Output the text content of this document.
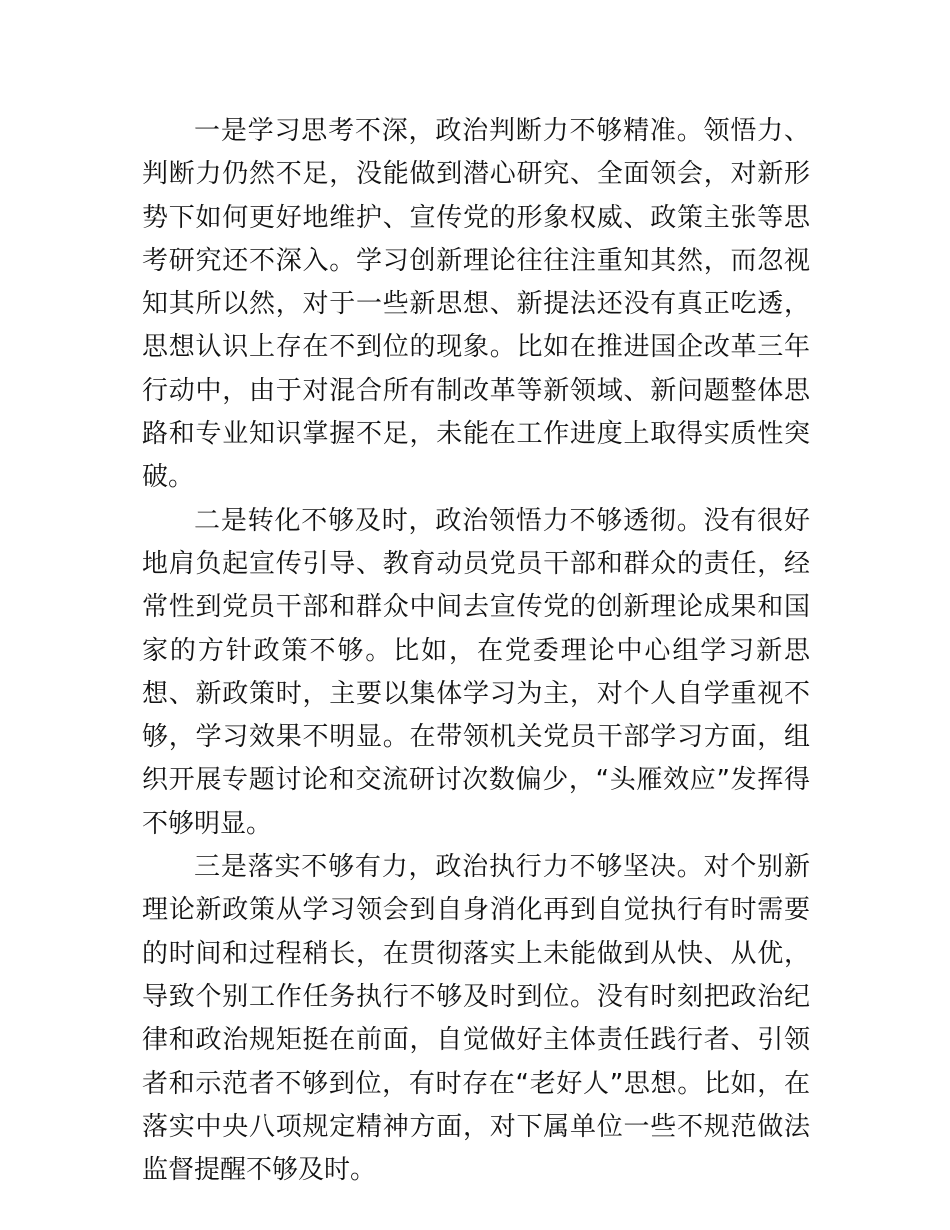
一是学习思考不深，政治判断力不够精准。领悟力、判断力仍然不足，没能做到潜心研究、全面领会，对新形势下如何更好地维护、宣传党的形象权威、政策主张等思考研究还不深入。学习创新理论往往注重知其然，而忽视知其所以然，对于一些新思想、新提法还没有真正吃透，思想认识上存在不到位的现象。比如在推进国企改革三年行动中，由于对混合所有制改革等新领域、新问题整体思路和专业知识掌握不足，未能在工作进度上取得实质性突破。

二是转化不够及时，政治领悟力不够透彻。没有很好地肩负起宣传引导、教育动员党员干部和群众的责任，经常性到党员干部和群众中间去宣传党的创新理论成果和国家的方针政策不够。比如，在党委理论中心组学习新思想、新政策时，主要以集体学习为主，对个人自学重视不够，学习效果不明显。在带领机关党员干部学习方面，组织开展专题讨论和交流研讨次数偏少，“头雁效应”发挥得不够明显。

三是落实不够有力，政治执行力不够坚决。对个别新理论新政策从学习领会到自身消化再到自觉执行有时需要的时间和过程稍长，在贯彻落实上未能做到从快、从优，导致个别工作任务执行不够及时到位。没有时刻把政治纪律和政治规矩挺在前面，自觉做好主体责任践行者、引领者和示范者不够到位，有时存在“老好人”思想。比如，在落实中央八项规定精神方面，对下属单位一些不规范做法监督提醒不够及时。
